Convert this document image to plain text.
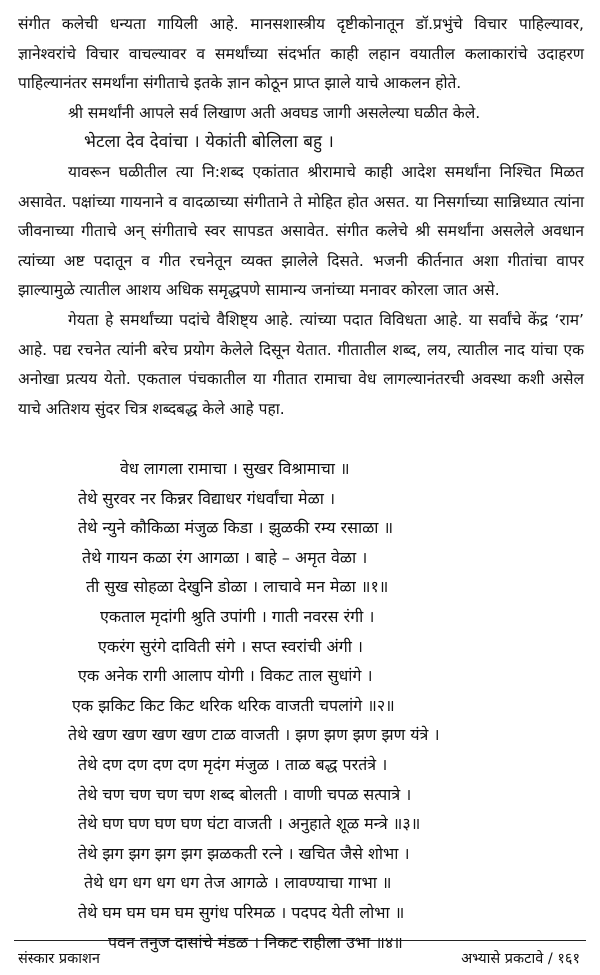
संगीत कलेची धन्यता गायिली आहे. मानसशास्त्रीय दृष्टीकोनातून डॉ.प्रभुंचे विचार पाहिल्यावर, ज्ञानेश्वरांचे विचार वाचल्यावर व समर्थांच्या संदर्भात काही लहान वयातील कलाकारांचे उदाहरण पाहिल्यानंतर समर्थांना संगीताचे इतके ज्ञान कोठून प्राप्त झाले याचे आकलन होते.

श्री समर्थांनी आपले सर्व लिखाण अती अवघड जागी असलेल्या घळीत केले.

भेटला देव देवांचा । येकांती बोलिला बहु ।

यावरून घळीतील त्या नि:शब्द एकांतात श्रीरामाचे काही आदेश समर्थांना निश्चित मिळत असावेत. पक्षांच्या गायनाने व वादळाच्या संगीताने ते मोहित होत असत. या निसर्गाच्या सान्निध्यात त्यांना जीवनाच्या गीताचे अन् संगीताचे स्वर सापडत असावेत. संगीत कलेचे श्री समर्थांना असलेले अवधान त्यांच्या अष्ट पदातून व गीत रचनेतून व्यक्त झालेले दिसते. भजनी कीर्तनात अशा गीतांचा वापर झाल्यामुळे त्यातील आशय अधिक समृद्धपणे सामान्य जनांच्या मनावर कोरला जात असे.

गेयता हे समर्थांच्या पदांचे वैशिष्ट्य आहे. त्यांच्या पदात विविधता आहे. या सर्वांचे केंद्र ‘राम’ आहे. पद्य रचनेत त्यांनी बरेच प्रयोग केलेले दिसून येतात. गीतातील शब्द, लय, त्यातील नाद यांचा एक अनोखा प्रत्यय येतो. एकताल पंचकातील या गीतात रामाचा वेध लागल्यानंतरची अवस्था कशी असेल याचे अतिशय सुंदर चित्र शब्दबद्ध केले आहे पहा.

वेध लागला रामाचा । सुखर विश्रामाचा ॥
तेथे सुरवर नर किन्नर विद्याधर गंधर्वांचा मेळा ।
तेथे न्युने कौकिळा मंजुळ किडा । झुळकी रम्य रसाळा ॥
तेथे गायन कळा रंग आगळा । बाहे – अमृत वेळा ।
ती सुख सोहळा देखुनि डोळा । लाचावे मन मेळा ॥१॥
एकताल मृदांगी श्रुति उपांगी । गाती नवरस रंगी ।
एकरंग सुरंगे दाविती संगे । सप्त स्वरांची अंगी ।
एक अनेक रागी आलाप योगी । विकट ताल सुधांगे ।
एक झकिट किट किट थरिक थरिक वाजती चपलांगे ॥२॥
तेथे खण खण खण खण टाळ वाजती । झण झण झण झण यंत्रे ।
तेथे दण दण दण दण मृदंग मंजुळ । ताळ बद्ध परतंत्रे ।
तेथे चण चण चण चण शब्द बोलती । वाणी चपळ सत्पात्रे ।
तेथे घण घण घण घण घंटा वाजती । अनुहाते शूळ मन्त्रे ॥३॥
तेथे झग झग झग झग झळकती रत्ने । खचित जैसे शोभा ।
तेथे धग धग धग धग तेज आगळे । लावण्याचा गाभा ॥
तेथे घम घम घम घम सुगंध परिमळ । पदपद येती लोभा ॥
पवन तनुज दासांचे मंडळ । निकट राहीला उभा ॥४॥
संस्कार प्रकाशन	अभ्यासे प्रकटावे / १६१
